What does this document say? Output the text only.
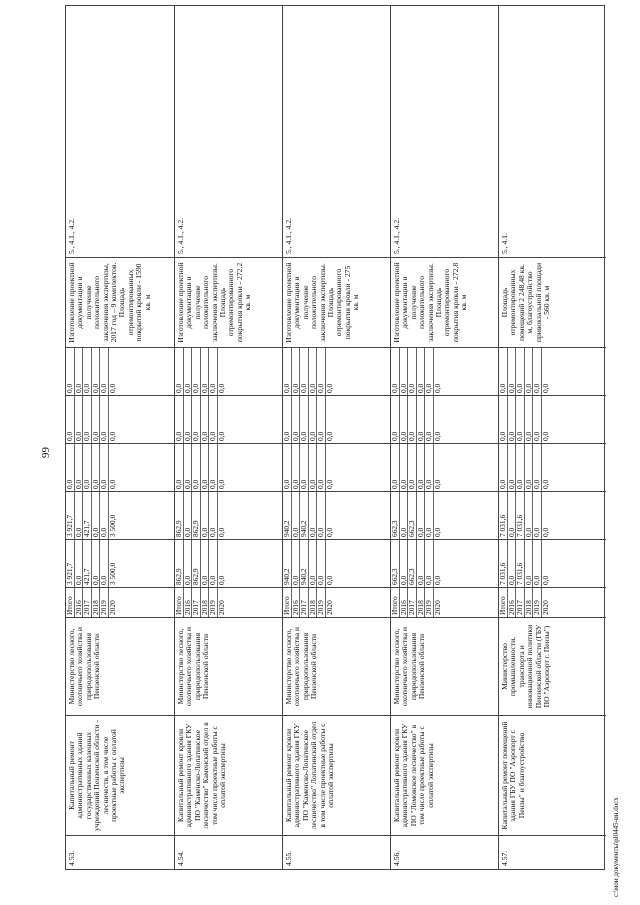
99
4.53.
Капитальный ремонт административных зданий государственных казенных учреждений Пензенской области - лесничеств, в том числе проектные работы с оплатой экспертизы
Министерство лесного, охотничьего хозяйства и природопользования Пензенской области
Итого 2016 2017 2018 2019 2020
3 921,7 0,0 421,7 0,0 0,0 3 500,0
3 921,7 0,0 421,7 0,0 0,0 3 500,0
0,0 0,0 0,0 0,0 0,0 0,0
0,0 0,0 0,0 0,0 0,0 0,0
0,0 0,0 0,0 0,0 0,0 0,0
Изготовление проектной документации и получение положительного заключения экспертизы, 2017 год – 9 комплектов. Площадь отремонтированных покрытий кровли - 1590 кв. м
5., 4.1., 4.2.
4.54.
Капитальный ремонт кровли административного здания ГКУ ПО "Каменско-Лопатинское лесничество" Каменский отдел в том числе проектные работы с оплатой экспертизы
Министерство лесного, охотничьего хозяйства и природопользования Пензенской области
Итого 2016 2017 2018 2019 2020
862,9 0,0 862,9 0,0 0,0 0,0
862,9 0,0 862,9 0,0 0,0 0,0
0,0 0,0 0,0 0,0 0,0 0,0
0,0 0,0 0,0 0,0 0,0 0,0
0,0 0,0 0,0 0,0 0,0 0,0
Изготовление проектной документации и получение положительного заключения экспертизы. Площадь отремонтированного покрытия кровли - 272,2 кв. м
5., 4.1., 4.2.
4.55.
Капитальный ремонт кровли административного здания ГКУ ПО "Каменско-Лопатинское лесничество" Лопатинский отдел в том числе проектные работы с оплатой экспертизы
Министерство лесного, охотничьего хозяйства и природопользования Пензенской области
Итого 2016 2017 2018 2019 2020
940,2 0,0 940,2 0,0 0,0 0,0
940,2 0,0 940,2 0,0 0,0 0,0
0,0 0,0 0,0 0,0 0,0 0,0
0,0 0,0 0,0 0,0 0,0 0,0
0,0 0,0 0,0 0,0 0,0 0,0
Изготовление проектной документации и получение положительного заключения экспертизы. Площадь отремонтированного покрытия кровли - 275 кв. м
5., 4.1., 4.2.
4.56.
Капитальный ремонт кровли административного здания ГКУ ПО "Ломовское лесничество" в том числе проектные работы с оплатой экспертизы
Министерство лесного, охотничьего хозяйства и природопользования Пензенской области
Итого 2016 2017 2018 2019 2020
662,3 0,0 662,3 0,0 0,0 0,0
662,3 0,0 662,3 0,0 0,0 0,0
0,0 0,0 0,0 0,0 0,0 0,0
0,0 0,0 0,0 0,0 0,0 0,0
0,0 0,0 0,0 0,0 0,0 0,0
Изготовление проектной документации и получение положительного заключения экспертизы. Площадь отремонтированного покрытия кровли - 272,8 кв. м
5., 4.1., 4.2.
4.57.
Капитальный ремонт помещений здания ГБУ ПО "Аэропорт г. Пензы" и благоустройство
Министерство промышленности, транспорта и инновационной политики Пензенской области (ГБУ ПО "Аэропорт г. Пензы")
Итого 2016 2017 2018 2019 2020
7 031,6 0,0 7 031,6 0,0 0,0 0,0
7 031,6 0,0 7 031,6 0,0 0,0 0,0
0,0 0,0 0,0 0,0 0,0 0,0
0,0 0,0 0,0 0,0 0,0 0,0
0,0 0,0 0,0 0,0 0,0 0,0
Площадь отремонтированных помещений 2 248,48 кв. м, благоустройство привокзальной площади - 560 кв. м
5., 4.1.
c:\мои документы\pl0445-ин.docx
